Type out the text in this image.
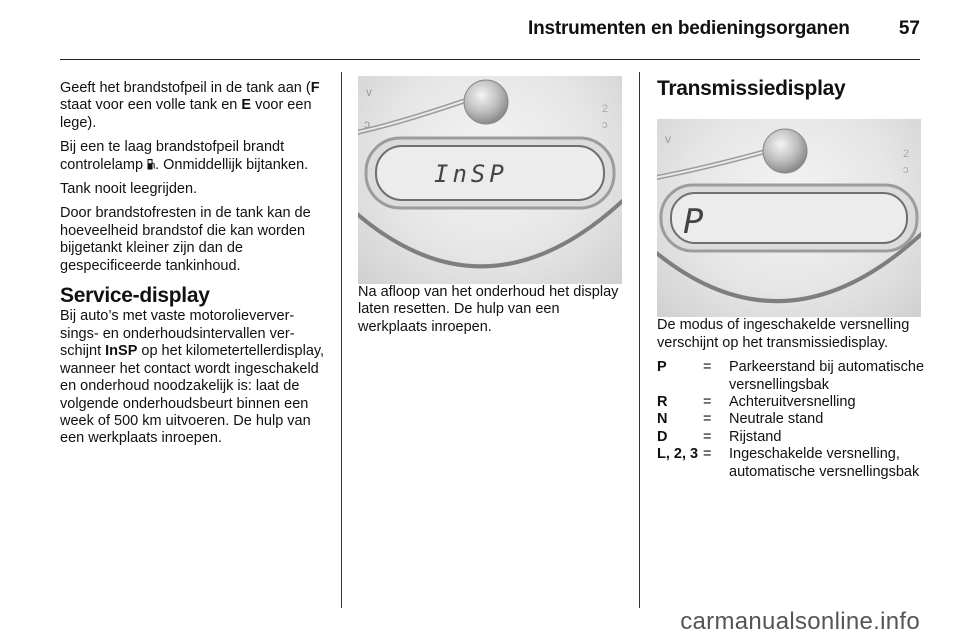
Instrumenten en bedieningsorganen	57

Geeft het brandstofpeil in de tank aan (F staat voor een volle tank en E voor een lege).

Bij een te laag brandstofpeil brandt controlelamp . Onmiddellijk bijtanken.

Tank nooit leegrijden.

Door brandstofresten in de tank kan de hoeveelheid brandstof die kan worden bijgetankt kleiner zijn dan de gespecificeerde tankinhoud.

Service-display

Bij auto’s met vaste motorolieverversings- en onderhoudsintervallen verschijnt InSP op het kilometertellerdisplay, wanneer het contact wordt ingeschakeld en onderhoud noodzakelijk is: laat de volgende onderhoudsbeurt binnen een week of 500 km uitvoeren. De hulp van een werkplaats inroepen.

v
ɔ
2
ɔ
InSP

Na afloop van het onderhoud het display laten resetten. De hulp van een werkplaats inroepen.

Transmissiedisplay
v
2
ɔ
P

De modus of ingeschakelde versnelling verschijnt op het transmissiedisplay.

P	=	Parkeerstand bij automatische versnellingsbak
R	=	Achteruitversnelling
N	=	Neutrale stand
D	=	Rijstand
L, 2, 3 =	Ingeschakelde versnelling, automatische versnellingsbak
carmanualsonline.info
